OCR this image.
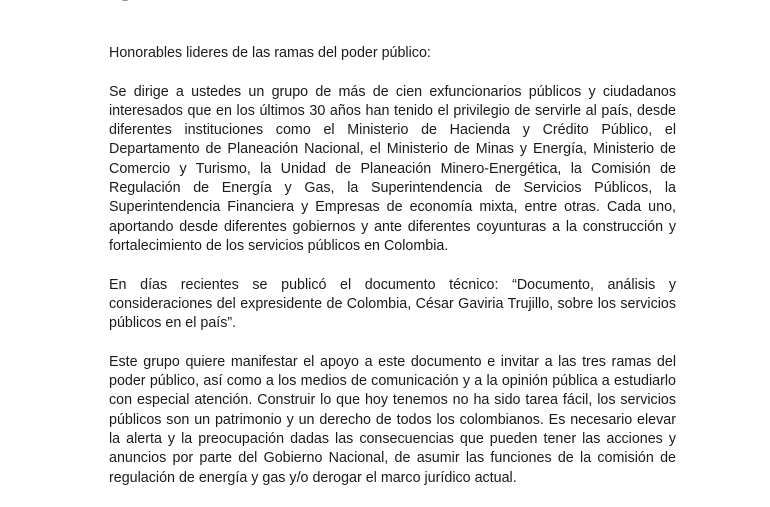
Honorables lideres de las ramas del poder público:

Se dirige a ustedes un grupo de más de cien exfuncionarios públicos y ciudadanos interesados que en los últimos 30 años han tenido el privilegio de servirle al país, desde diferentes instituciones como el Ministerio de Hacienda y Crédito Público, el Departamento de Planeación Nacional, el Ministerio de Minas y Energía, Ministerio de Comercio y Turismo, la Unidad de Planeación Minero-Energética, la Comisión de Regulación de Energía y Gas, la Superintendencia de Servicios Públicos, la Superintendencia Financiera y Empresas de economía mixta, entre otras. Cada uno, aportando desde diferentes gobiernos y ante diferentes coyunturas a la construcción y fortalecimiento de los servicios públicos en Colombia.

En días recientes se publicó el documento técnico: “Documento, análisis y consideraciones del expresidente de Colombia, César Gaviria Trujillo, sobre los servicios públicos en el país”.

Este grupo quiere manifestar el apoyo a este documento e invitar a las tres ramas del poder público, así como a los medios de comunicación y a la opinión pública a estudiarlo con especial atención. Construir lo que hoy tenemos no ha sido tarea fácil, los servicios públicos son un patrimonio y un derecho de todos los colombianos. Es necesario elevar la alerta y la preocupación dadas las consecuencias que pueden tener las acciones y anuncios por parte del Gobierno Nacional, de asumir las funciones de la comisión de regulación de energía y gas y/o derogar el marco jurídico actual.
